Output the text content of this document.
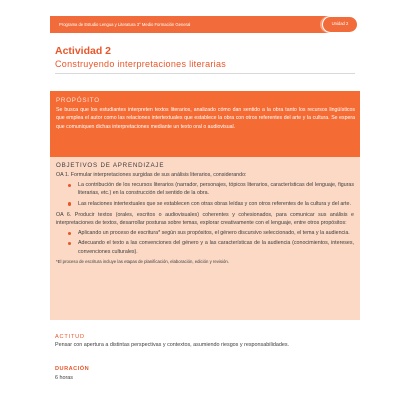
Programa de Estudio Lengua y Literatura 3° Medio Formación General	Unidad 2
Actividad 2
Construyendo interpretaciones literarias
PROPÓSITO
Se busca que los estudiantes interpreten textos literarios, analizado cómo dan sentido a la obra tanto los recursos lingüísticos que emplea el autor como las relaciones intertextuales que establece la obra con otros referentes del arte y la cultura. Se espera que comuniquen dichas interpretaciones mediante un texto oral o audiovisual.
OBJETIVOS DE APRENDIZAJE
OA 1. Formular interpretaciones surgidas de sus análisis literarios, considerando:
La contribución de los recursos literarios (narrador, personajes, tópicos literarios, características del lenguaje, figuras literarias, etc.) en la construcción del sentido de la obra.
Las relaciones intertextuales que se establecen con otras obras leídas y con otros referentes de la cultura y del arte.
OA 6. Producir textos (orales, escritos o audiovisuales) coherentes y cohesionados, para comunicar sus análisis e interpretaciones de textos, desarrollar posturas sobre temas, explorar creativamente con el lenguaje, entre otros propósitos:
Aplicando un proceso de escritura* según sus propósitos, el género discursivo seleccionado, el tema y la audiencia.
Adecuando el texto a las convenciones del género y a las características de la audiencia (conocimientos, intereses, convenciones culturales).
*El proceso de escritura incluye las etapas de planificación, elaboración, edición y revisión.
ACTITUD
Pensar con apertura a distintas perspectivas y contextos, asumiendo riesgos y responsabilidades.
DURACIÓN
6 horas
